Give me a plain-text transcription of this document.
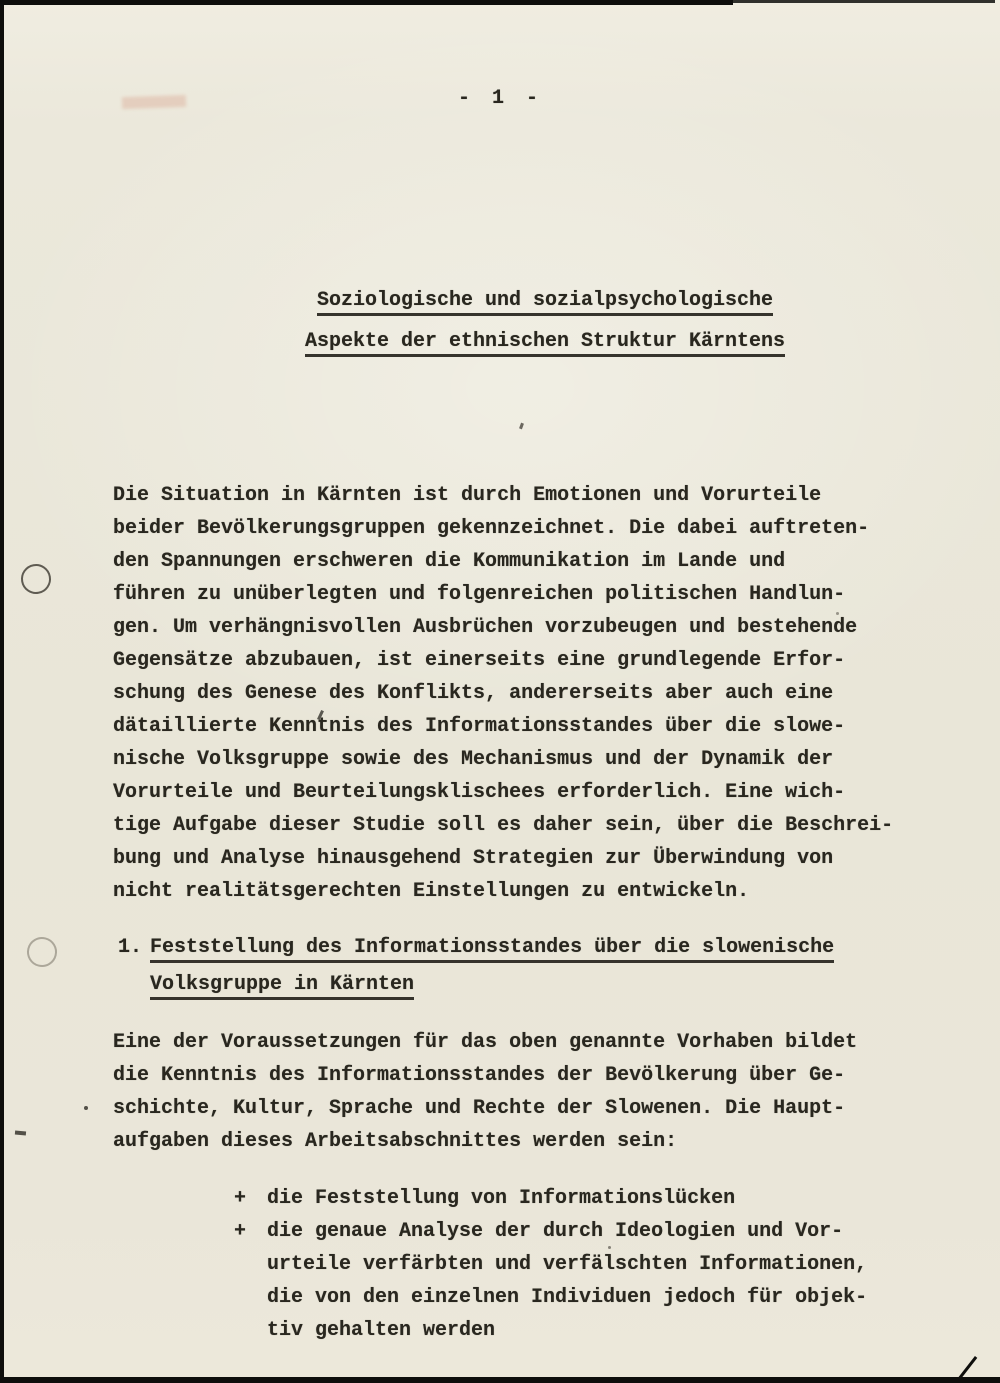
- 1 -
Soziologische und sozialpsychologische
Aspekte der ethnischen Struktur Kärntens
Die Situation in Kärnten ist durch Emotionen und Vorurteile
beider Bevölkerungsgruppen gekennzeichnet. Die dabei auftreten-
den Spannungen erschweren die Kommunikation im Lande und
führen zu unüberlegten und folgenreichen politischen Handlun-
gen. Um verhängnisvollen Ausbrüchen vorzubeugen und bestehende
Gegensätze abzubauen, ist einerseits eine grundlegende Erfor-
schung des Genese des Konflikts, andererseits aber auch eine
dätaillierte Kenntnis des Informationsstandes über die slowe-
nische Volksgruppe sowie des Mechanismus und der Dynamik der
Vorurteile und Beurteilungsklischees erforderlich. Eine wich-
tige Aufgabe dieser Studie soll es daher sein, über die Beschrei-
bung und Analyse hinausgehend Strategien zur Überwindung von
nicht realitätsgerechten Einstellungen zu entwickeln.
1. Feststellung des Informationsstandes über die slowenische
Volksgruppe in Kärnten
Eine der Voraussetzungen für das oben genannte Vorhaben bildet
die Kenntnis des Informationsstandes der Bevölkerung über Ge-
schichte, Kultur, Sprache und Rechte der Slowenen. Die Haupt-
aufgaben dieses Arbeitsabschnittes werden sein:
+	die Feststellung von Informationslücken
+	die genaue Analyse der durch Ideologien und Vor-
urteile verfärbten und verfälschten Informationen,
die von den einzelnen Individuen jedoch für objek-
tiv gehalten werden
